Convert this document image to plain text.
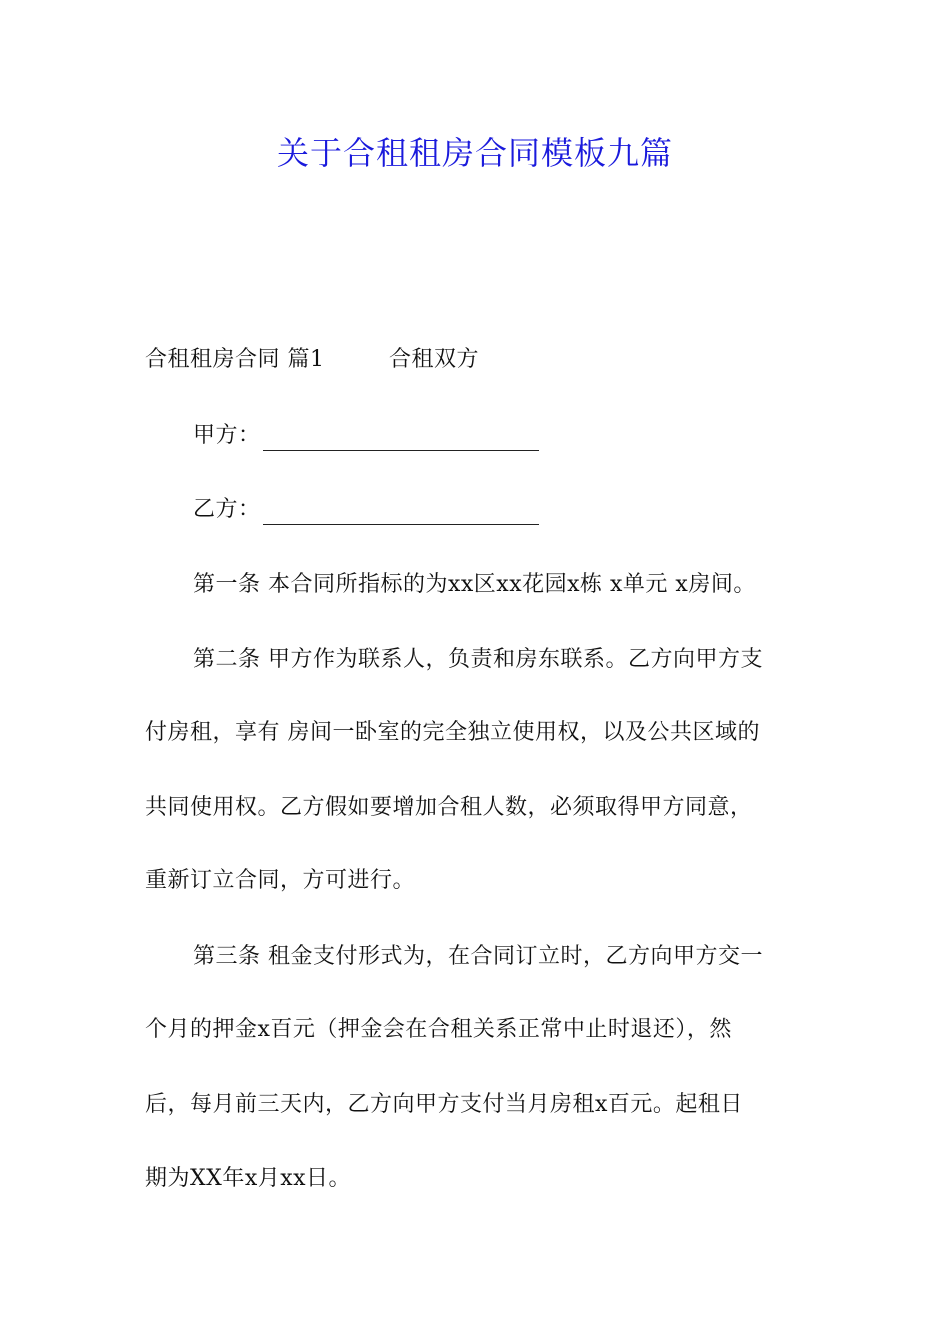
关于合租租房合同模板九篇
合租租房合同 篇1	合租双方
甲方：
乙方：
第一条 本合同所指标的为xx区xx花园x栋 x单元 x房间。
第二条 甲方作为联系人，负责和房东联系。乙方向甲方支
付房租，享有 房间一卧室的完全独立使用权，以及公共区域的
共同使用权。乙方假如要增加合租人数，必须取得甲方同意，
重新订立合同，方可进行。
第三条 租金支付形式为，在合同订立时，乙方向甲方交一
个月的押金x百元（押金会在合租关系正常中止时退还），然
后，每月前三天内，乙方向甲方支付当月房租x百元。起租日
期为XX年x月xx日。
